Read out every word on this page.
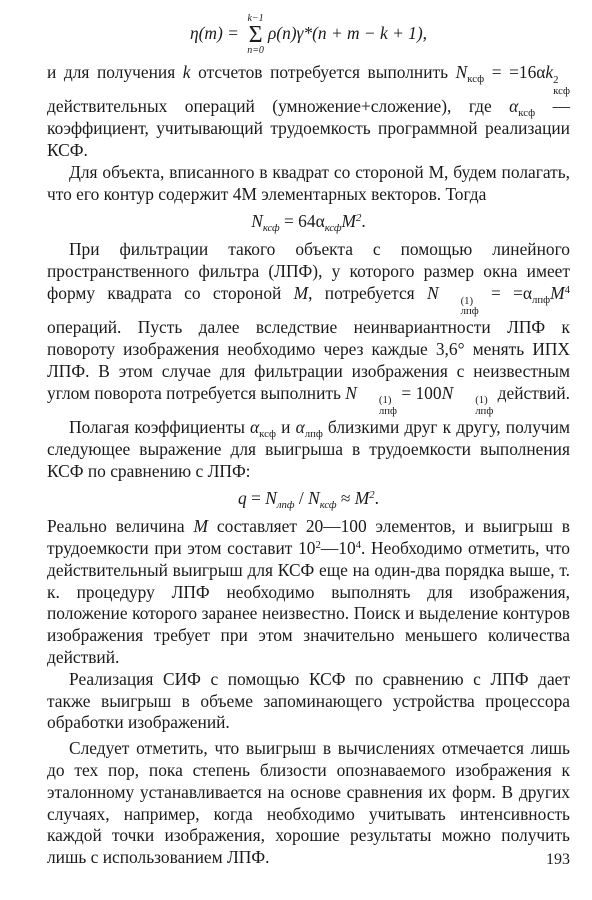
η(m) =
k−1
Σ
n=0
ρ(n)γ*(n + m − k + 1),

и для получения k отсчетов потребуется выполнить $N_{ксф} = =16\alpha k$ 2
ксф
действительных операций (умножение+сложение), где $\alpha_{ксф}$ — коэффициент, учитывающий трудоемкость программной реализации КСФ.

Для объекта, вписанного в квадрат со стороной M, будем полагать, что его контур содержит 4M элементарных векторов. Тогда

$N_{ксф} = 64\alpha_{ксф}M^2$.

При фильтрации такого объекта с помощью линейного пространственного фильтра (ЛПФ), у которого размер окна имеет форму квадрата со стороной M, потребуется N	(1)
лпф
= $=\alpha_{лпф}M^4$ операций. Пусть далее вследствие неинвариантности ЛПФ к повороту изображения необходимо через каждые 3,6° менять ИПХ ЛПФ. В этом случае для фильтрации изображения с неизвестным углом поворота потребуется выполнить N	(1)
лпф
= 100N	(1)
лпф
действий.

Полагая коэффициенты $\alpha_{ксф}$ и $\alpha_{лпф}$ близкими друг к другу, получим следующее выражение для выигрыша в трудоемкости выполнения КСФ по сравнению с ЛПФ:

$q = N_{лпф} / N_{ксф} \approx M^2$.

Реально величина M составляет 20—100 элементов, и выигрыш в трудоемкости при этом составит $10^2—10^4$. Необходимо отметить, что действительный выигрыш для КСФ еще на один-два порядка выше, т. к. процедуру ЛПФ необходимо выполнять для изображения, положение которого заранее неизвестно. Поиск и выделение контуров изображения требует при этом значительно меньшего количества действий.

Реализация СИФ с помощью КСФ по сравнению с ЛПФ дает также выигрыш в объеме запоминающего устройства процессора обработки изображений.

Следует отметить, что выигрыш в вычислениях отмечается лишь до тех пор, пока степень близости опознаваемого изображения к эталонному устанавливается на основе сравнения их форм. В других случаях, например, когда необходимо учитывать интенсивность каждой точки изображения, хорошие результаты можно получить лишь с использованием ЛПФ.	193
